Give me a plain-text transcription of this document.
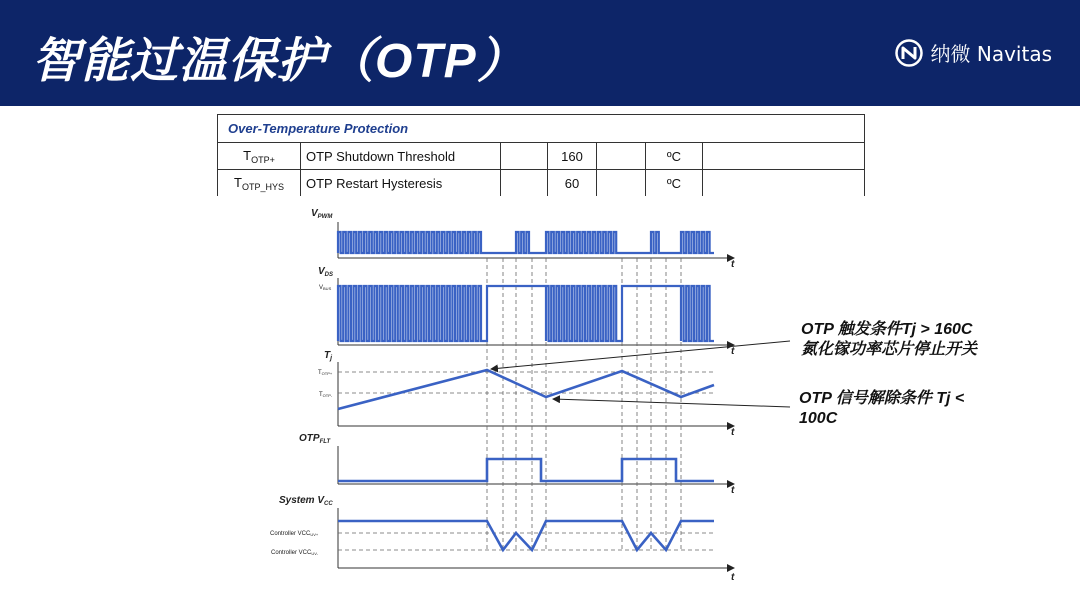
智能过温保护（OTP）	纳微 Navitas
Over-Temperature Protection						
$T_{OTP+}$	OTP Shutdown Threshold		160		ºC	
$T_{OTP\_HYS}$	OTP Restart Hysteresis		60		ºC	
$V_{PWM}$
$V_{DS}$
$T_j$
$OTP_{FLT}$
System $V_{CC}$
VBUS
TOTP+
TOTP-
Controller VCCUV+
Controller VCCUV-
t
t
t
t
t
OTP 触发条件Tj > 160C
氮化镓功率芯片停止开关
OTP 信号解除条件 Tj <
100C
